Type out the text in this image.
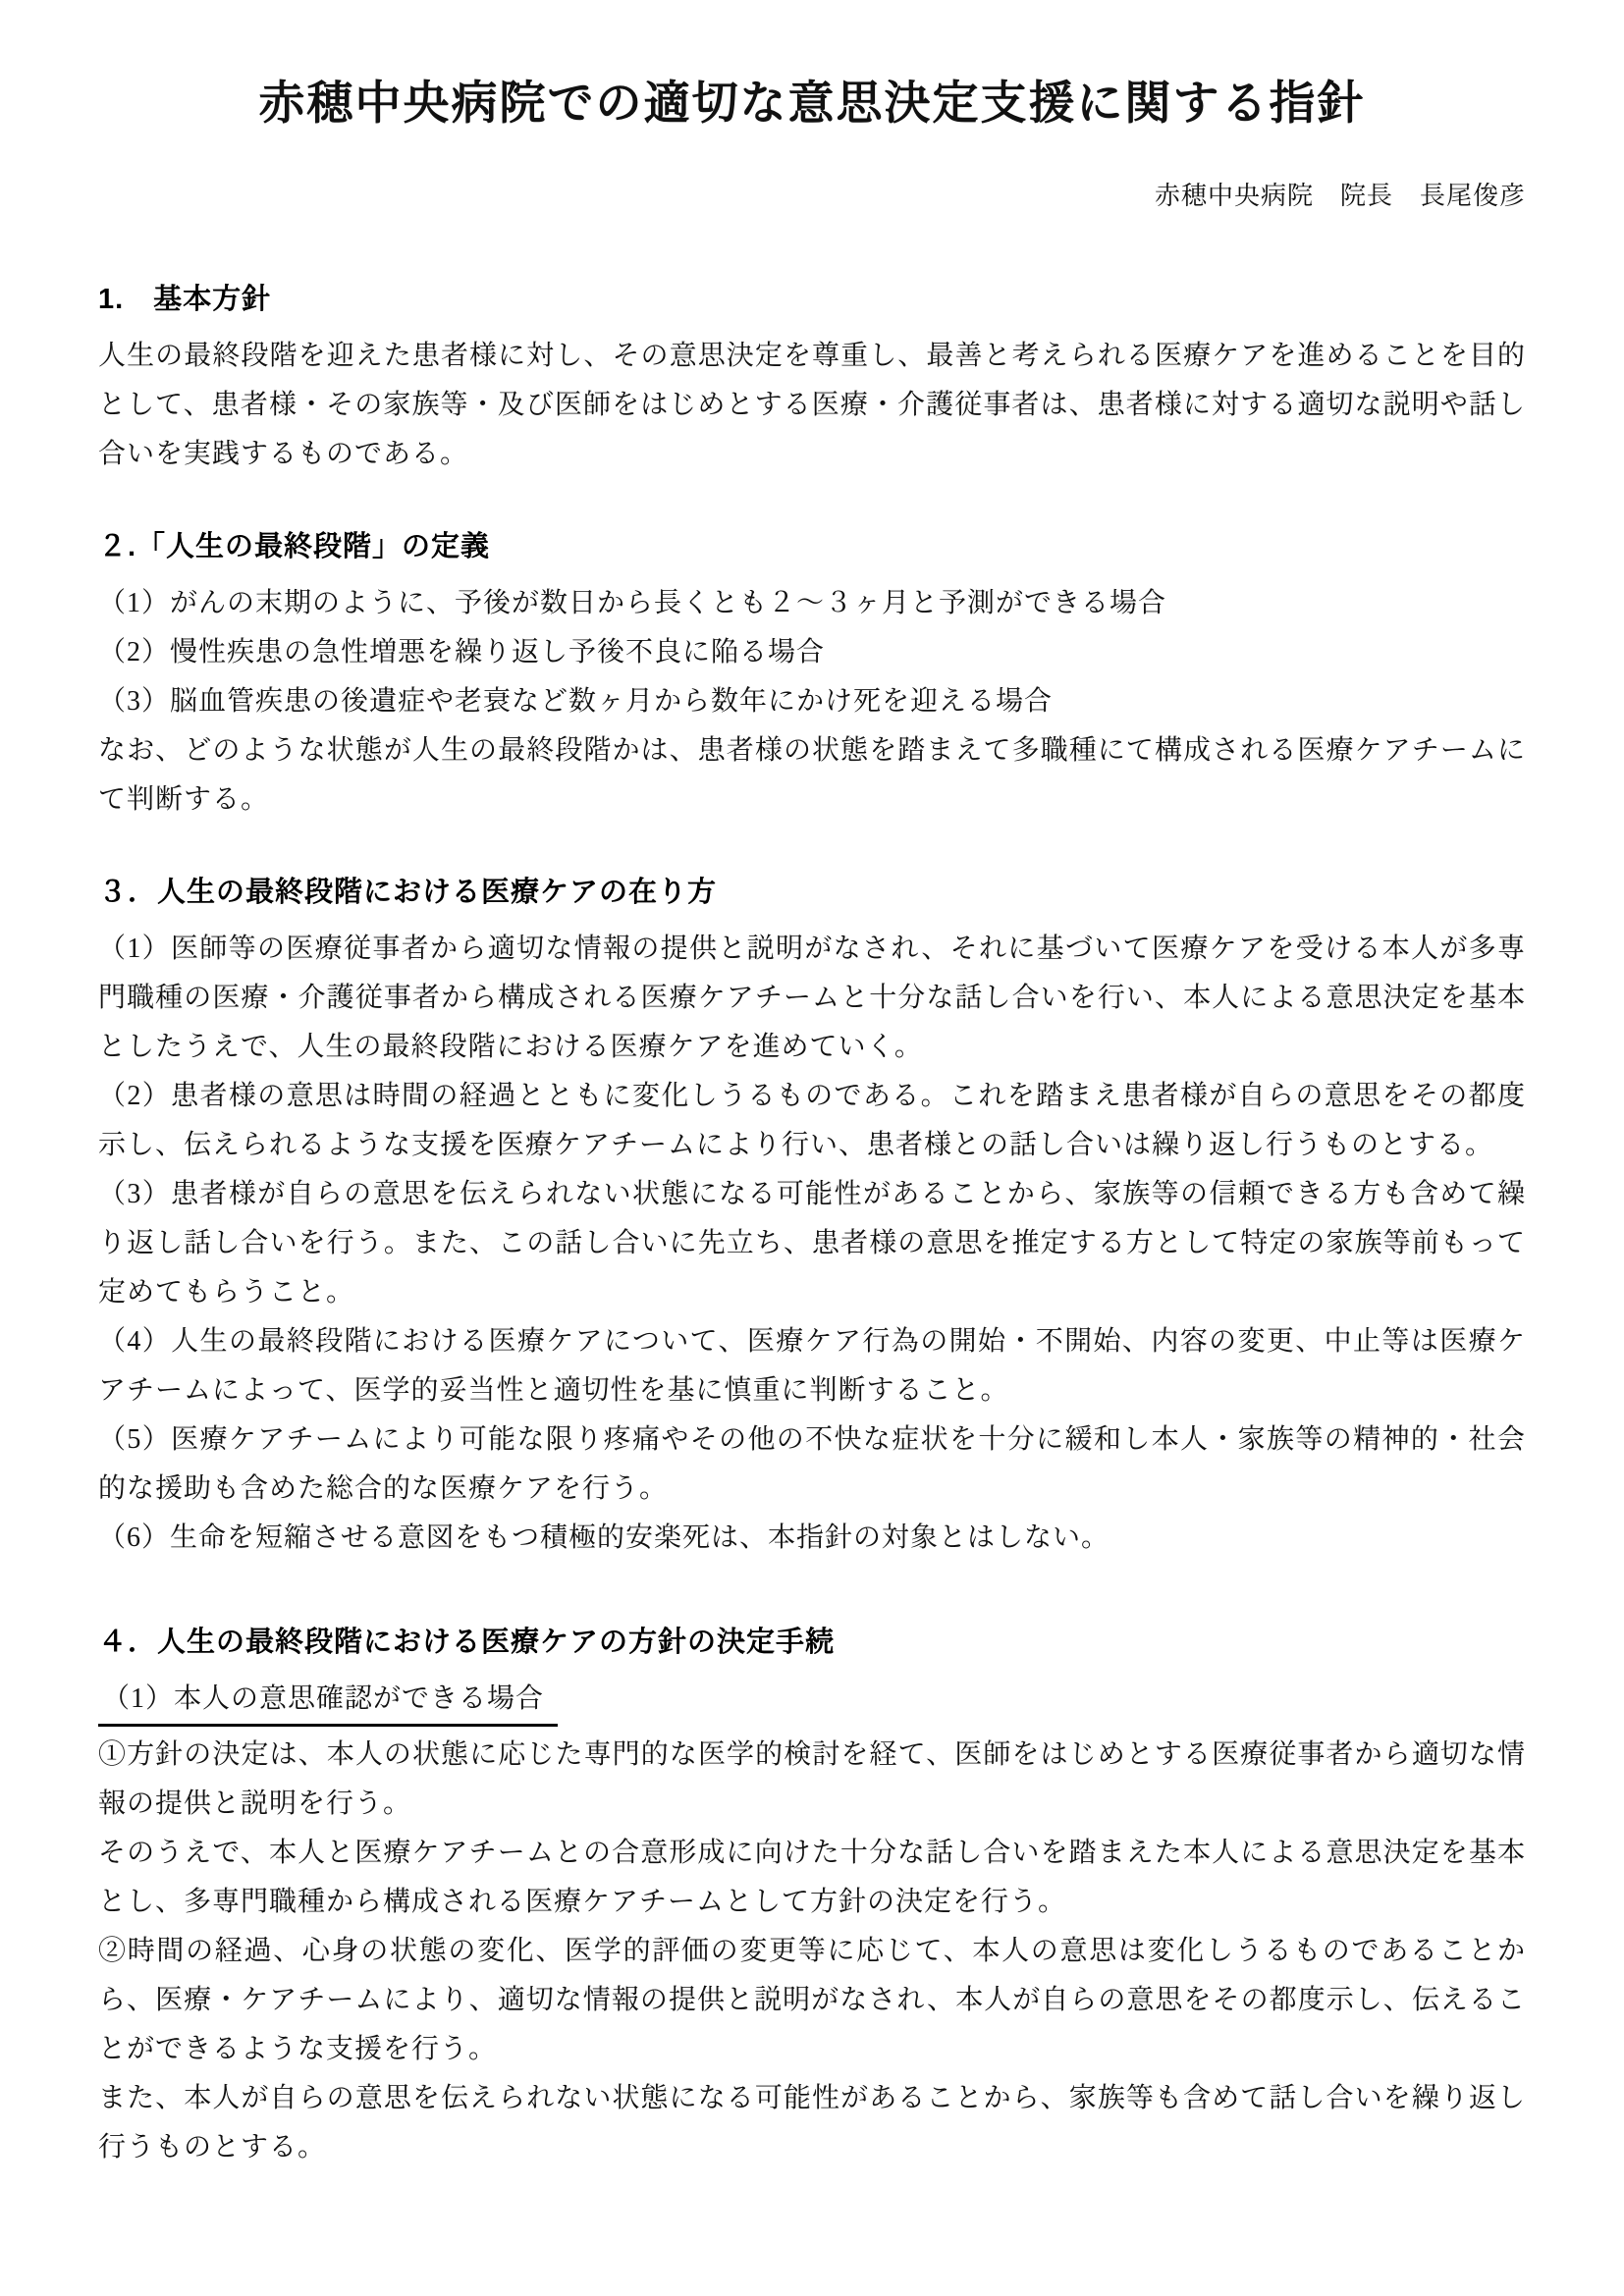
赤穂中央病院での適切な意思決定支援に関する指針
赤穂中央病院　院長　長尾俊彦
1.　基本方針

人生の最終段階を迎えた患者様に対し、その意思決定を尊重し、最善と考えられる医療ケアを進めることを目的として、患者様・その家族等・及び医師をはじめとする医療・介護従事者は、患者様に対する適切な説明や話し合いを実践するものである。

２.「人生の最終段階」の定義

（1）がんの末期のように、予後が数日から長くとも２～３ヶ月と予測ができる場合

（2）慢性疾患の急性増悪を繰り返し予後不良に陥る場合

（3）脳血管疾患の後遺症や老衰など数ヶ月から数年にかけ死を迎える場合

なお、どのような状態が人生の最終段階かは、患者様の状態を踏まえて多職種にて構成される医療ケアチームにて判断する。

３．人生の最終段階における医療ケアの在り方

（1）医師等の医療従事者から適切な情報の提供と説明がなされ、それに基づいて医療ケアを受ける本人が多専門職種の医療・介護従事者から構成される医療ケアチームと十分な話し合いを行い、本人による意思決定を基本としたうえで、人生の最終段階における医療ケアを進めていく。

（2）患者様の意思は時間の経過とともに変化しうるものである。これを踏まえ患者様が自らの意思をその都度示し、伝えられるような支援を医療ケアチームにより行い、患者様との話し合いは繰り返し行うものとする。

（3）患者様が自らの意思を伝えられない状態になる可能性があることから、家族等の信頼できる方も含めて繰り返し話し合いを行う。また、この話し合いに先立ち、患者様の意思を推定する方として特定の家族等前もって定めてもらうこと。

（4）人生の最終段階における医療ケアについて、医療ケア行為の開始・不開始、内容の変更、中止等は医療ケアチームによって、医学的妥当性と適切性を基に慎重に判断すること。

（5）医療ケアチームにより可能な限り疼痛やその他の不快な症状を十分に緩和し本人・家族等の精神的・社会的な援助も含めた総合的な医療ケアを行う。

（6）生命を短縮させる意図をもつ積極的安楽死は、本指針の対象とはしない。

４．人生の最終段階における医療ケアの方針の決定手続
（1）本人の意思確認ができる場合

①方針の決定は、本人の状態に応じた専門的な医学的検討を経て、医師をはじめとする医療従事者から適切な情報の提供と説明を行う。

そのうえで、本人と医療ケアチームとの合意形成に向けた十分な話し合いを踏まえた本人による意思決定を基本とし、多専門職種から構成される医療ケアチームとして方針の決定を行う。

②時間の経過、心身の状態の変化、医学的評価の変更等に応じて、本人の意思は変化しうるものであることから、医療・ケアチームにより、適切な情報の提供と説明がなされ、本人が自らの意思をその都度示し、伝えることができるような支援を行う。

また、本人が自らの意思を伝えられない状態になる可能性があることから、家族等も含めて話し合いを繰り返し行うものとする。
